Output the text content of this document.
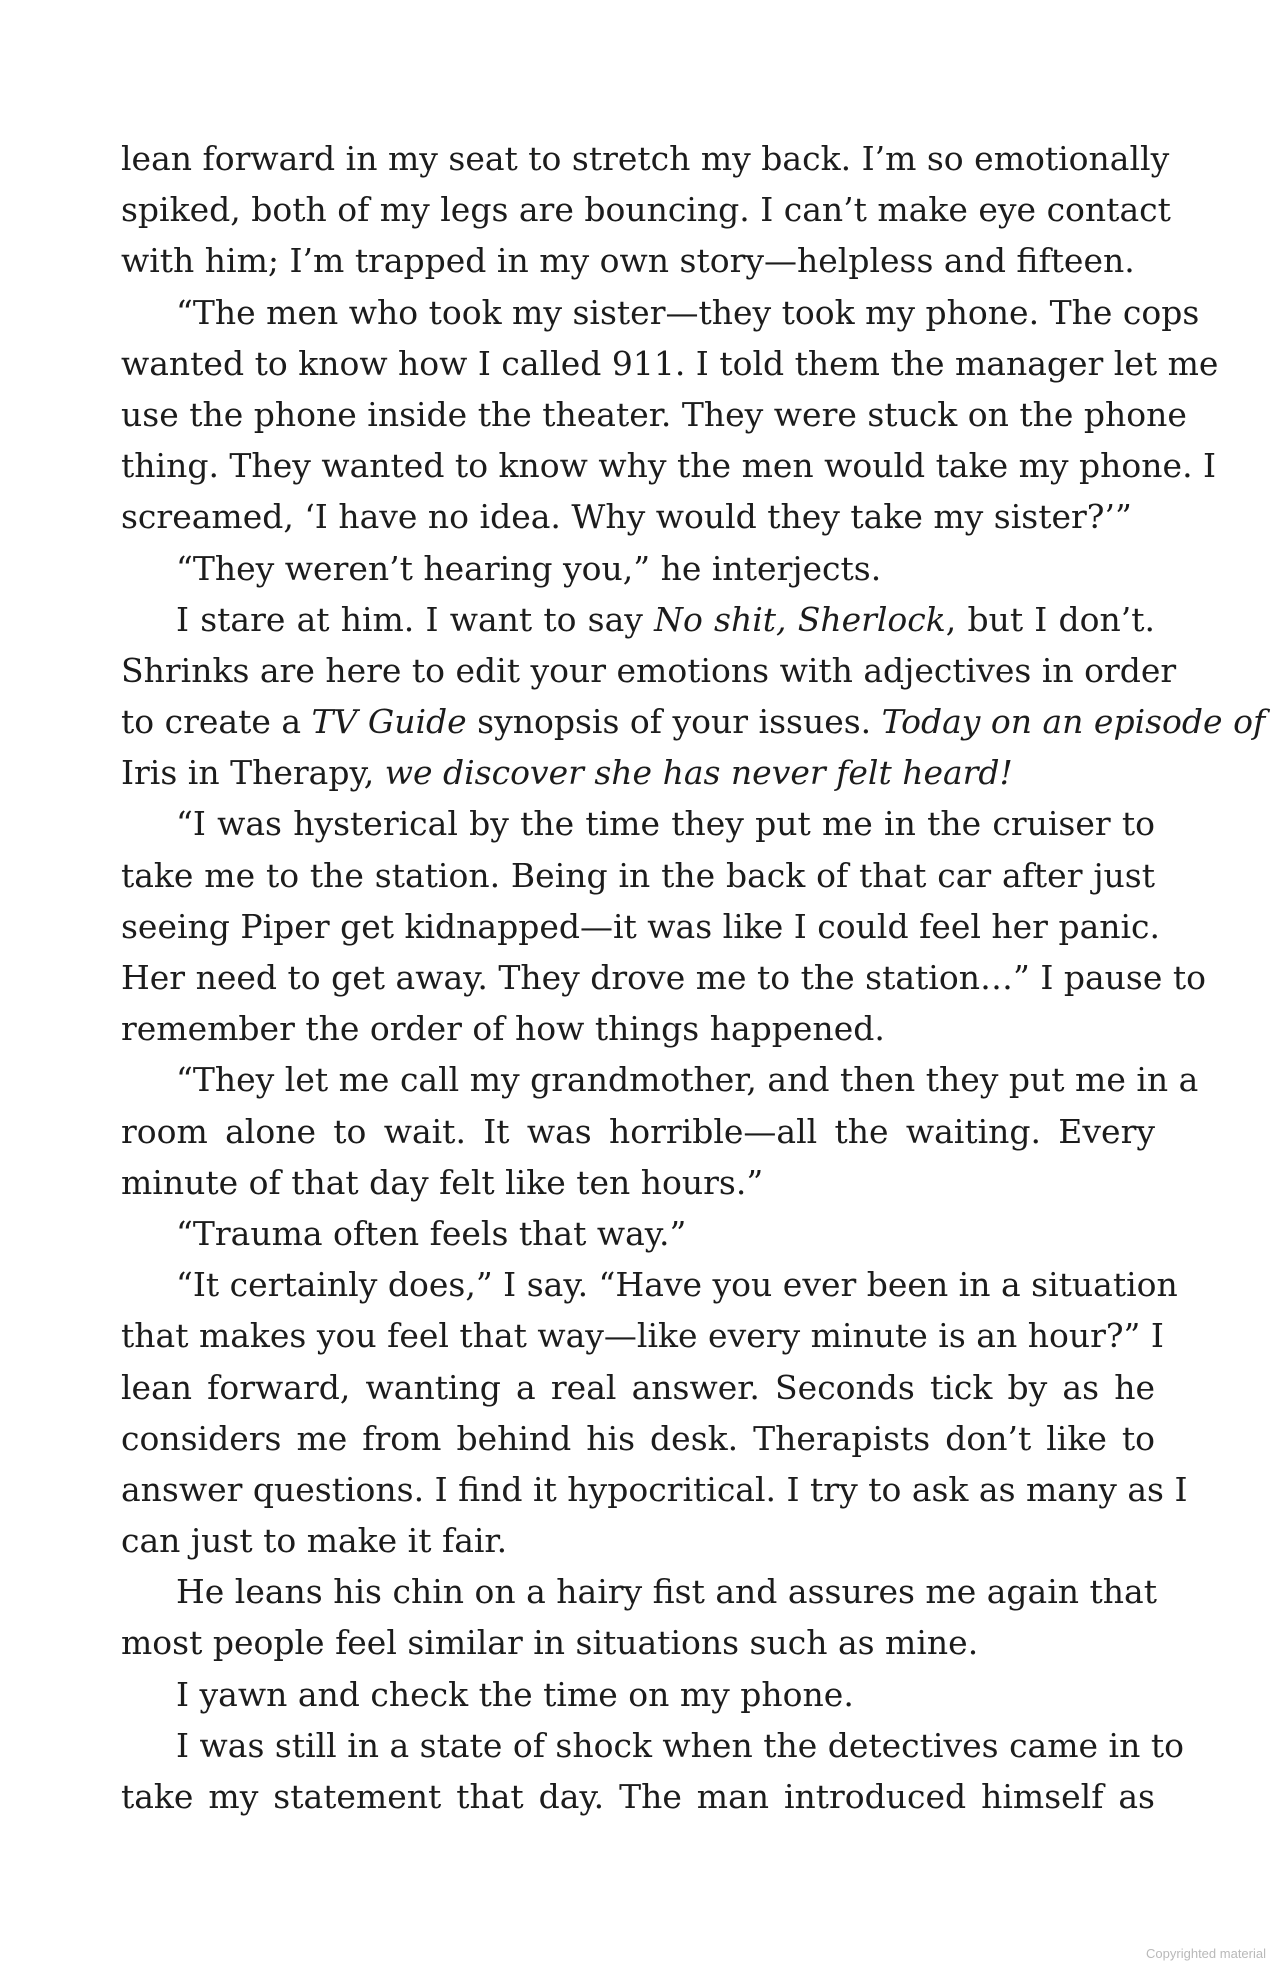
lean forward in my seat to stretch my back. I’m so emotionally
spiked, both of my legs are bouncing. I can’t make eye contact
with him; I’m trapped in my own story—helpless and fifteen.
“The men who took my sister—they took my phone. The cops
wanted to know how I called 911. I told them the manager let me
use the phone inside the theater. They were stuck on the phone
thing. They wanted to know why the men would take my phone. I
screamed, ‘I have no idea. Why would they take my sister?’”
“They weren’t hearing you,” he interjects.
I stare at him. I want to say No shit, Sherlock, but I don’t.
Shrinks are here to edit your emotions with adjectives in order
to create a TV Guide synopsis of your issues. Today on an episode of
Iris in Therapy, we discover she has never felt heard!
“I was hysterical by the time they put me in the cruiser to
take me to the station. Being in the back of that car after just
seeing Piper get kidnapped—it was like I could feel her panic.
Her need to get away. They drove me to the station…” I pause to
remember the order of how things happened.
“They let me call my grandmother, and then they put me in a
room alone to wait. It was horrible—all the waiting. Every
minute of that day felt like ten hours.”
“Trauma often feels that way.”
“It certainly does,” I say. “Have you ever been in a situation
that makes you feel that way—like every minute is an hour?” I
lean forward, wanting a real answer. Seconds tick by as he
considers me from behind his desk. Therapists don’t like to
answer questions. I find it hypocritical. I try to ask as many as I
can just to make it fair.
He leans his chin on a hairy fist and assures me again that
most people feel similar in situations such as mine.
I yawn and check the time on my phone.
I was still in a state of shock when the detectives came in to
take my statement that day. The man introduced himself as
Copyrighted material
